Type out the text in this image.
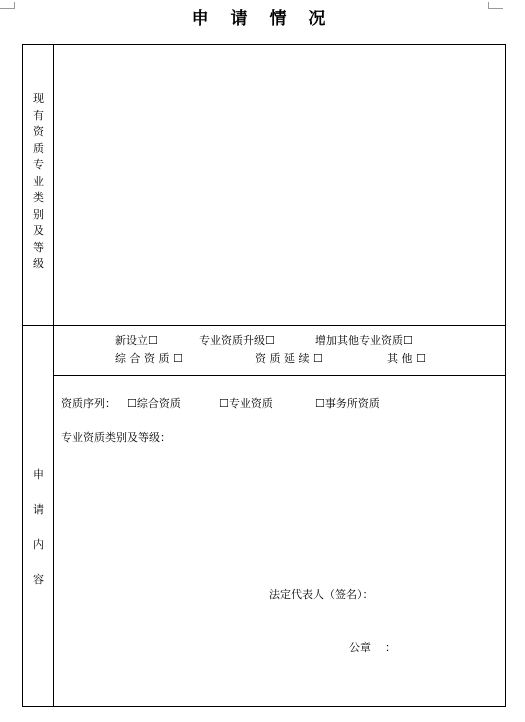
申 请 情 况
现
有
资
质
专
业
类
别
及
等
级
申
请
内
容
新设立☐	专业资质升级☐	增加其他专业资质☐
综 合 资 质 ☐	资 质 延 续 ☐	其 他 ☐
资质序列： ☐综合资质	☐专业资质	☐事务所资质
专业资质类别及等级：
法定代表人（签名）：
公章    ：
